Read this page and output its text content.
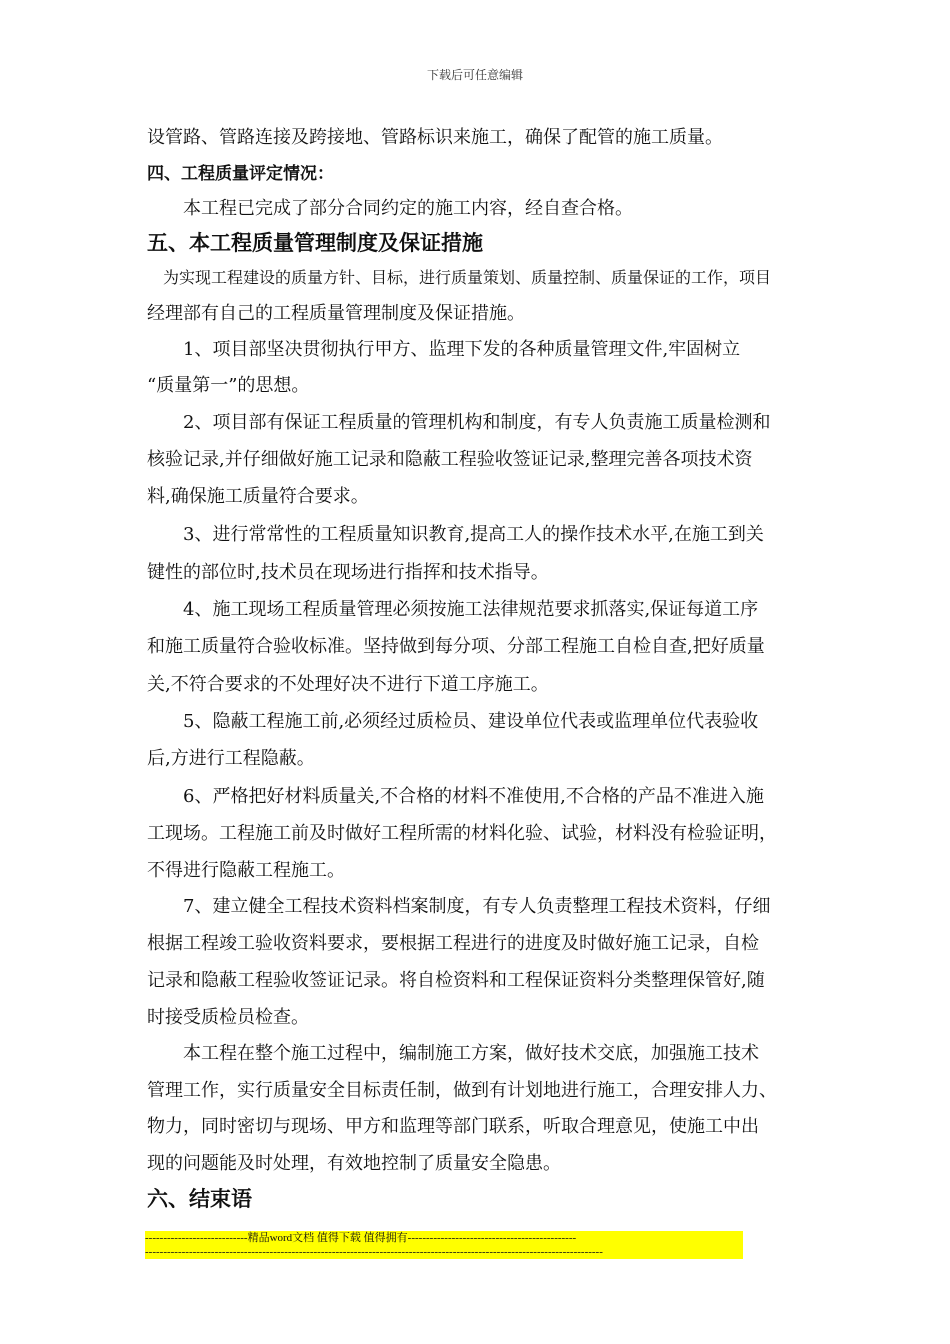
下载后可任意编辑
设管路、管路连接及跨接地、管路标识来施工，确保了配管的施工质量。
四、工程质量评定情况：
　　本工程已完成了部分合同约定的施工内容，经自查合格。
五、本工程质量管理制度及保证措施
　为实现工程建设的质量方针、目标，进行质量策划、质量控制、质量保证的工作，项目
经理部有自己的工程质量管理制度及保证措施。
　　1、项目部坚决贯彻执行甲方、监理下发的各种质量管理文件,牢固树立
“质量第一”的思想。
　　2、项目部有保证工程质量的管理机构和制度，有专人负责施工质量检测和
核验记录,并仔细做好施工记录和隐蔽工程验收签证记录,整理完善各项技术资
料,确保施工质量符合要求。
　　3、进行常常性的工程质量知识教育,提高工人的操作技术水平,在施工到关
键性的部位时,技术员在现场进行指挥和技术指导。
　　4、施工现场工程质量管理必须按施工法律规范要求抓落实,保证每道工序
和施工质量符合验收标准。坚持做到每分项、分部工程施工自检自查,把好质量
关,不符合要求的不处理好决不进行下道工序施工。
　　5、隐蔽工程施工前,必须经过质检员、建设单位代表或监理单位代表验收
后,方进行工程隐蔽。
　　6、严格把好材料质量关,不合格的材料不准使用,不合格的产品不准进入施
工现场。工程施工前及时做好工程所需的材料化验、试验，材料没有检验证明，
不得进行隐蔽工程施工。
　　7、建立健全工程技术资料档案制度，有专人负责整理工程技术资料，仔细
根据工程竣工验收资料要求，要根据工程进行的进度及时做好施工记录，自检
记录和隐蔽工程验收签证记录。将自检资料和工程保证资料分类整理保管好,随
时接受质检员检查。
　　本工程在整个施工过程中，编制施工方案，做好技术交底，加强施工技术
管理工作，实行质量安全目标责任制，做到有计划地进行施工，合理安排人力、
物力，同时密切与现场、甲方和监理等部门联系，听取合理意见，使施工中出
现的问题能及时处理，有效地控制了质量安全隐患。
六、结束语
----------------------------精品word文档 值得下载 值得拥有----------------------------------------------
-----------------------------------------------------------------------------------------------------------------------------
